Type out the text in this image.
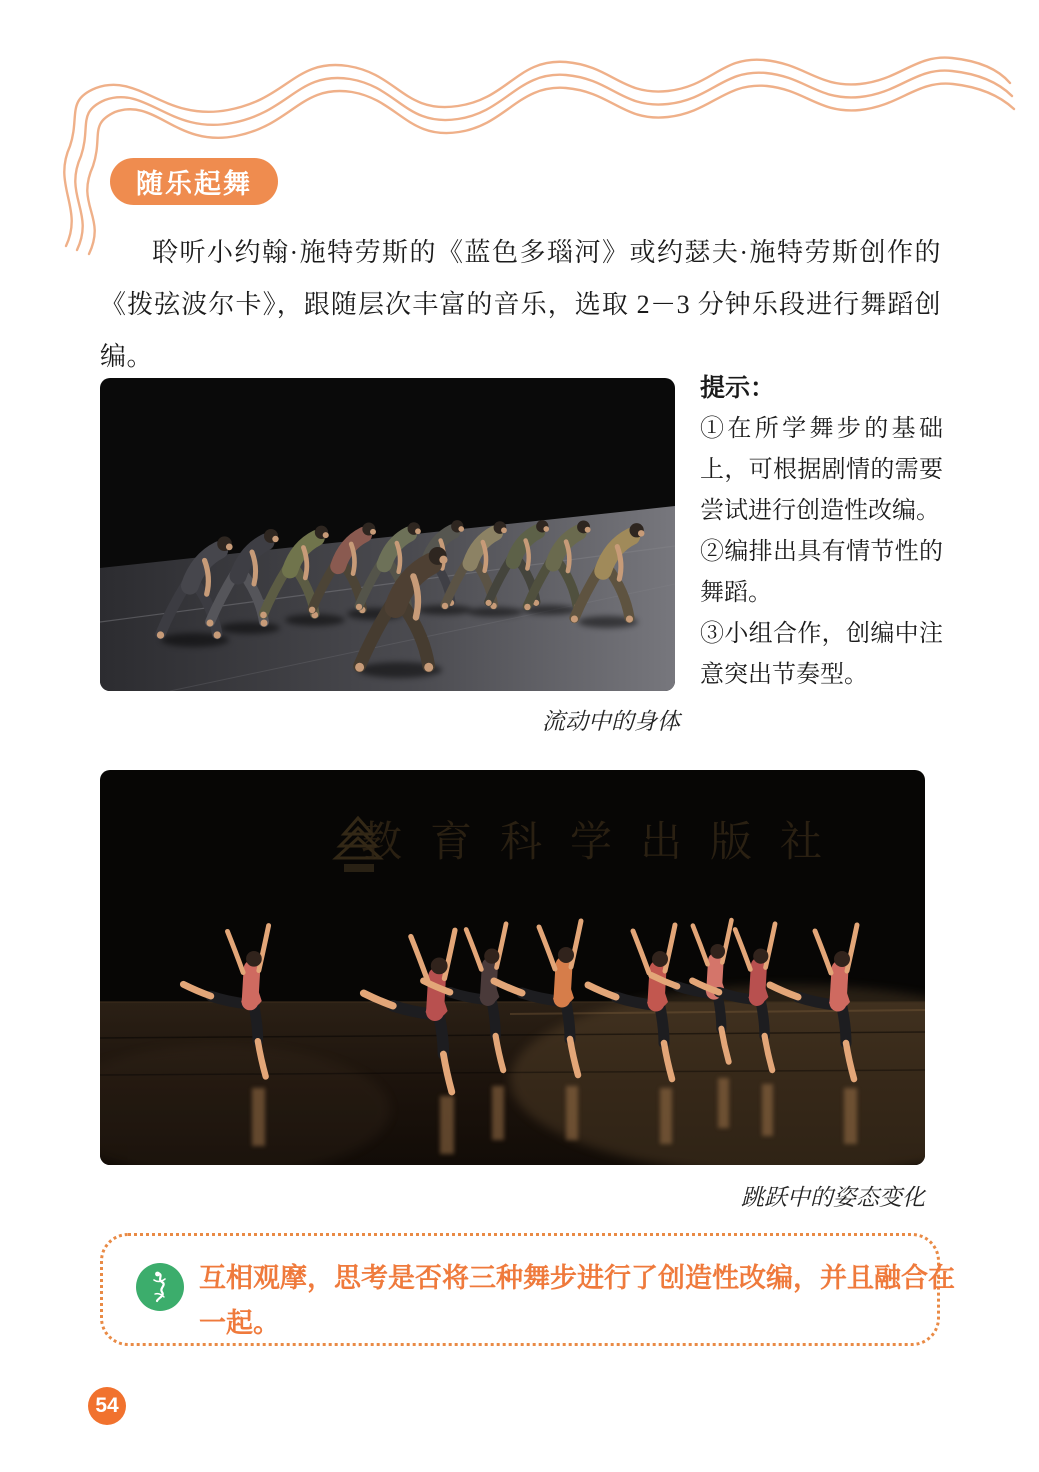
随乐起舞
聆听小约翰·施特劳斯的《蓝色多瑙河》或约瑟夫·施特劳斯创作的《拨弦波尔卡》，跟随层次丰富的音乐，选取 2－3 分钟乐段进行舞蹈创编。
提示：
①在所学舞步的基础上，可根据剧情的需要尝试进行创造性改编。
②编排出具有情节性的舞蹈。
③小组合作，创编中注意突出节奏型。
流动中的身体
教育科学出版社
跳跃中的姿态变化
互相观摩，思考是否将三种舞步进行了创造性改编，并且融合在一起。
54
